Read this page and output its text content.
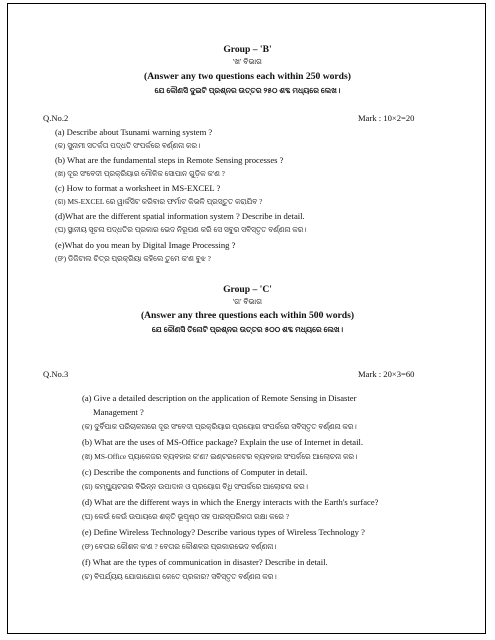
Group – 'B'
'ଖ' ବିଭାଗ
(Answer any two questions each within 250 words)
ଯେ କୌଣସି ଦୁଇଟି ପ୍ରଶ୍ନର ଉତ୍ତର ୨୫୦ ଶବ୍ଦ ମଧ୍ୟରେ ଲେଖ।
Q.No.2	Mark : 10×2=20
(a) Describe about Tsunami warning system ?
(କ) ସୁନାମୀ ସତର୍କତା ପଦ୍ଧତି ସଂପର୍କରେ ବର୍ଣ୍ଣନା କର।
(b) What are the fundamental steps in Remote Sensing processes ?
(ଖ) ଦୂର ସଂବେଦୀ ପ୍ରକ୍ରିୟାର ମୌଳିକ ସୋପାନ ଗୁଡ଼ିକ କ'ଣ ?
(c) How to format a worksheet in MS-EXCEL ?
(ଗ) MS-EXCEL ରେ ୱାର୍କସିଟ କରିବାର ଫର୍ମାଟ କିଭଳି ପ୍ରସ୍ତୁତ କରାଯିବ ?
(d)What are the different spatial information system ? Describe in detail.
(ଘ) ସ୍ଥାନୀୟ ସୂଚନା ପଦ୍ଧତିର ପ୍ରକାର ଭେଦ ନିରୂପଣ କରି ସେ ସବୁର ସବିସ୍ତୃତ ବର୍ଣ୍ଣନା କର।
(e)What do you mean by Digital Image Processing ?
(ଙ) ଡିଜିଟାଲ ଚିତ୍ର ପ୍ରକ୍ରିୟା କହିଲେ ତୁମେ କ'ଣ ବୁଝ ?
Group – 'C'
'ଗ' ବିଭାଗ
(Answer any three questions each within 500 words)
ଯେ କୌଣସି ତିନୋଟି ପ୍ରଶ୍ନର ଉତ୍ତର ୫୦୦ ଶବ୍ଦ ମଧ୍ୟରେ ଲେଖ।
Q.No.3	Mark : 20×3=60
(a) Give a detailed description on the application of Remote Sensing in Disaster
Management ?
(କ) ଦୁର୍ବିପାକ ପରିଚାଳନାରେ ଦୂର ସଂବେଦୀ ପ୍ରକ୍ରିୟାର ପ୍ରୟୋଗ ସଂପର୍କରେ ସବିସ୍ତୃତ ବର୍ଣ୍ଣନା କର।
(b) What are the uses of MS-Office package? Explain the use of Internet in detail.
(ଖ) MS-Office ପ୍ୟାକେଜର ବ୍ୟବହାର କ'ଣ? ଇଣ୍ଟରନେଟର ବ୍ୟବହାର ସଂପର୍କରେ ଆଲୋଚନା କର।
(c) Describe the components and functions of Computer in detail.
(ଗ) କମ୍ପ୍ୟୁଟରର ବିଭିନ୍ନ ଉପାଦାନ ଓ ପ୍ରୟୋଗ ବିଧି ସଂପର୍କରେ ଆଲୋଚନା କର।
(d) What are the different ways in which the Energy interacts with the Earth's surface?
(ଘ) କେଉଁ କେଉଁ ଉପାୟରେ ଶକ୍ତି ଭୂପୃଷ୍ଠ ସହ ପାରସ୍ପରିକତା ରକ୍ଷା କରେ ?
(e) Define Wireless Technology? Describe various types of Wireless Technology ?
(ଙ) ବେତାର କୌଶଳ କ'ଣ ? ବେତାର କୌଶଳର ପ୍ରକାରଭେଦ ବର୍ଣ୍ଣନା।
(f) What are the types of communication in disaster? Describe in detail.
(ଚ) ବିପର୍ଯ୍ୟୟ ଯୋଗାଯୋଗ କେତେ ପ୍ରକାର? ସବିସ୍ତୃତ ବର୍ଣ୍ଣନା କର।
